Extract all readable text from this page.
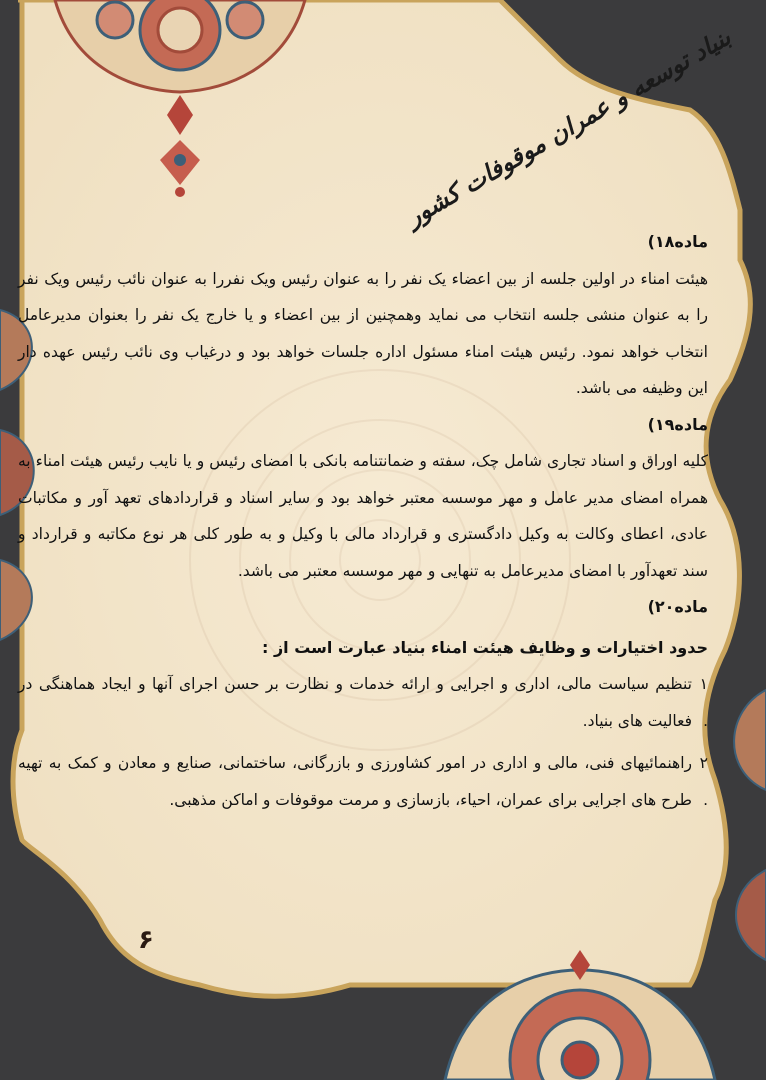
بنیاد توسعه و عمران موقوفات کشور
ماده۱۸)

هیئت امناء در اولین جلسه از بین اعضاء یک نفر را به عنوان رئیس ویک نفررا به عنوان نائب رئیس ویک نفر را به عنوان منشی جلسه انتخاب می نماید وهمچنین از بین اعضاء و یا خارج یک نفر را بعنوان مدیرعامل انتخاب خواهد نمود. رئیس هیئت امناء مسئول اداره جلسات خواهد بود و درغیاب وی نائب رئیس عهده دار این وظیفه می باشد.

ماده۱۹)

کلیه اوراق و اسناد تجاری شامل چک، سفته و ضمانتنامه بانکی با امضای رئیس و یا نایب رئیس هیئت امناء به همراه امضای مدیر عامل و مهر موسسه معتبر خواهد بود و سایر اسناد و قراردادهای تعهد آور و مکاتبات عادی، اعطای وکالت به وکیل دادگستری و قرارداد مالی با وکیل و به طور کلی هر نوع مکاتبه و قرارداد و سند تعهدآور با امضای مدیرعامل به تنهایی و مهر موسسه معتبر می باشد.

ماده۲۰)

حدود اختیارات و وظایف هیئت امناء بنیاد عبارت است از :

۱ .
تنظیم سیاست مالی، اداری و اجرایی و ارائه خدمات و نظارت بر حسن اجرای آنها و ایجاد هماهنگی در فعالیت های بنیاد.
۲ .
راهنمائیهای فنی، مالی و اداری در امور کشاورزی و بازرگانی، ساختمانی، صنایع و معادن و کمک به تهیه طرح های اجرایی برای عمران، احیاء، بازسازی و مرمت موقوفات و اماکن مذهبی.
۶
